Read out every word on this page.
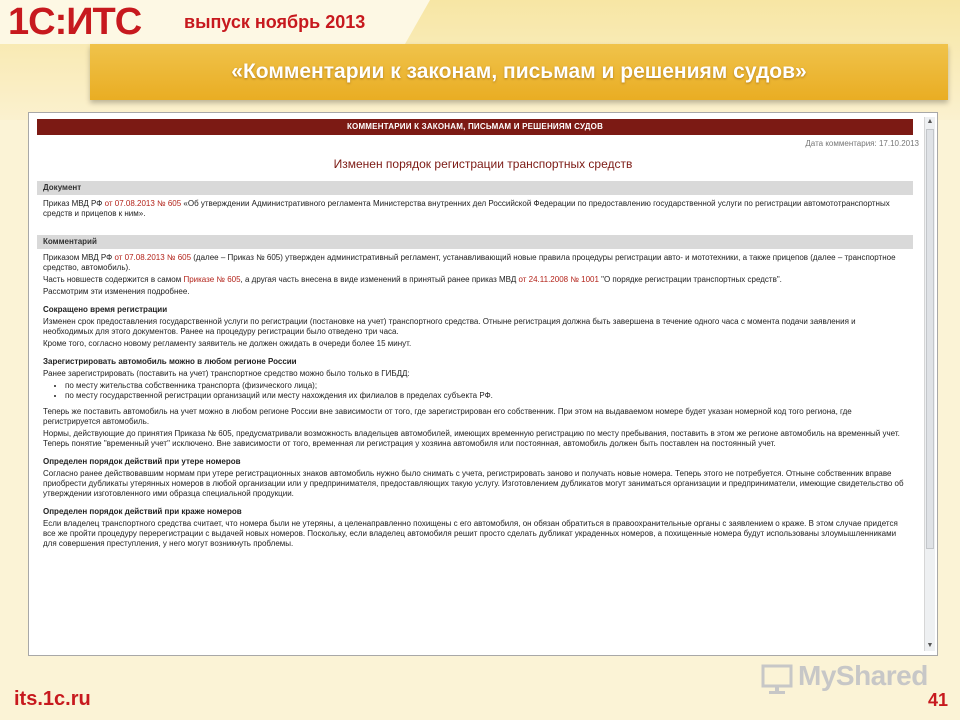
1С:ИТС выпуск ноябрь 2013
«Комментарии к законам, письмам и решениям судов»
КОММЕНТАРИИ К ЗАКОНАМ, ПИСЬМАМ И РЕШЕНИЯМ СУДОВ
Дата комментария: 17.10.2013
Изменен порядок регистрации транспортных средств
Документ

Приказ МВД РФ от 07.08.2013 № 605 «Об утверждении Административного регламента Министерства внутренних дел Российской Федерации по предоставлению государственной услуги по регистрации автомототранспортных средств и прицепов к ним».

Комментарий

Приказом МВД РФ от 07.08.2013 № 605 (далее – Приказ № 605) утвержден административный регламент, устанавливающий новые правила процедуры регистрации авто- и мототехники, а также прицепов (далее – транспортное средство, автомобиль).

Часть новшеств содержится в самом Приказе № 605, а другая часть внесена в виде изменений в принятый ранее приказ МВД от 24.11.2008 № 1001 "О порядке регистрации транспортных средств".

Рассмотрим эти изменения подробнее.

Сокращено время регистрации

Изменен срок предоставления государственной услуги по регистрации (постановке на учет) транспортного средства. Отныне регистрация должна быть завершена в течение одного часа с момента подачи заявления и необходимых для этого документов. Ранее на процедуру регистрации было отведено три часа.

Кроме того, согласно новому регламенту заявитель не должен ожидать в очереди более 15 минут.

Зарегистрировать автомобиль можно в любом регионе России

Ранее зарегистрировать (поставить на учет) транспортное средство можно было только в ГИБДД:

• по месту жительства собственника транспорта (физического лица);
• по месту государственной регистрации организаций или месту нахождения их филиалов в пределах субъекта РФ.

Теперь же поставить автомобиль на учет можно в любом регионе России вне зависимости от того, где зарегистрирован его собственник. При этом на выдаваемом номере будет указан номерной код того региона, где регистрируется автомобиль.

Нормы, действующие до принятия Приказа № 605, предусматривали возможность владельцев автомобилей, имеющих временную регистрацию по месту пребывания, поставить в этом же регионе автомобиль на временный учет. Теперь понятие "временный учет" исключено. Вне зависимости от того, временная ли регистрация у хозяина автомобиля или постоянная, автомобиль должен быть поставлен на постоянный учет.

Определен порядок действий при утере номеров

Согласно ранее действовавшим нормам при утере регистрационных знаков автомобиль нужно было снимать с учета, регистрировать заново и получать новые номера. Теперь этого не потребуется. Отныне собственник вправе приобрести дубликаты утерянных номеров в любой организации или у предпринимателя, предоставляющих такую услугу. Изготовлением дубликатов могут заниматься организации и предприниматели, имеющие свидетельство об утверждении изготовленного ими образца специальной продукции.

Определен порядок действий при краже номеров

Если владелец транспортного средства считает, что номера были не утеряны, а целенаправленно похищены с его автомобиля, он обязан обратиться в правоохранительные органы с заявлением о краже. В этом случае придется все же пройти процедуру перерегистрации с выдачей новых номеров. Поскольку, если владелец автомобиля решит просто сделать дубликат украденных номеров, а похищенные номера будут использованы злоумышленниками для совершения преступления, у него могут возникнуть проблемы.

▲
▼
its.1c.ru
MyShared
41
